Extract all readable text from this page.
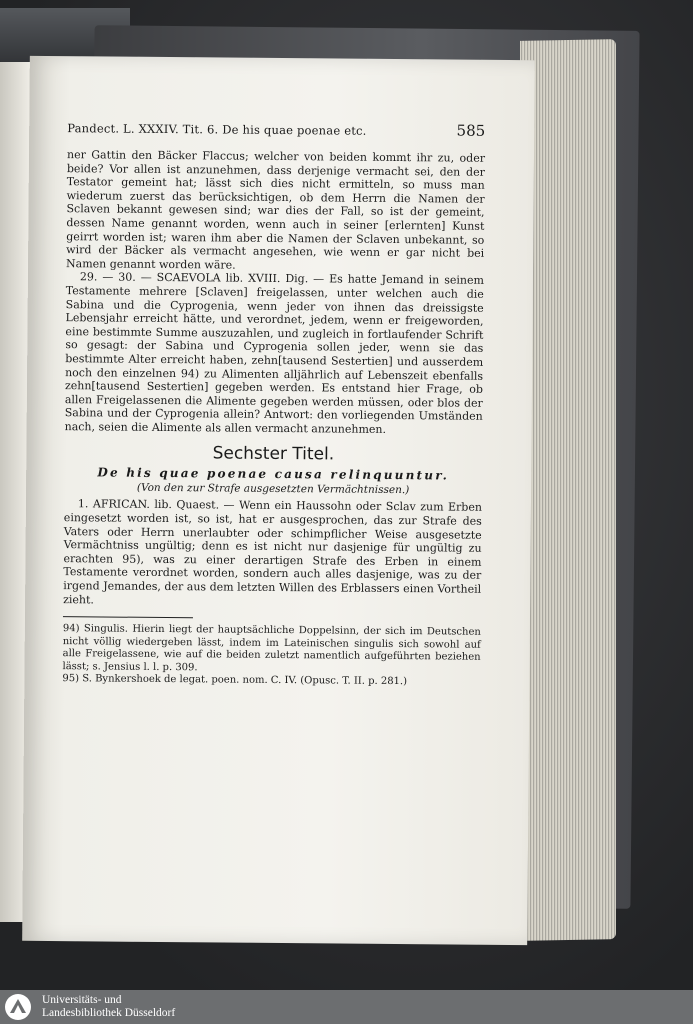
Pandect. L. XXXIV. Tit. 6. De his quae poenae etc.	585

ner Gattin den Bäcker Flaccus; welcher von beiden kommt ihr zu, oder beide? Vor allen ist anzunehmen, dass derjenige vermacht sei, den der Testator gemeint hat; lässt sich dies nicht ermitteln, so muss man wiederum zuerst das berücksichtigen, ob dem Herrn die Namen der Sclaven bekannt gewesen sind; war dies der Fall, so ist der gemeint, dessen Name genannt worden, wenn auch in seiner [erlernten] Kunst geirrt worden ist; waren ihm aber die Namen der Sclaven unbekannt, so wird der Bäcker als vermacht angesehen, wie wenn er gar nicht bei Namen genannt worden wäre.

29. — 30. — SCAEVOLA lib. XVIII. Dig. — Es hatte Jemand in seinem Testamente mehrere [Sclaven] freigelassen, unter welchen auch die Sabina und die Cyprogenia, wenn jeder von ihnen das dreissigste Lebensjahr erreicht hätte, und verordnet, jedem, wenn er freigeworden, eine bestimmte Summe auszuzahlen, und zugleich in fortlaufender Schrift so gesagt: der Sabina und Cyprogenia sollen jeder, wenn sie das bestimmte Alter erreicht haben, zehn[tausend Sestertien] und ausserdem noch den einzelnen 94) zu Alimenten alljährlich auf Lebenszeit ebenfalls zehn[tausend Sestertien] gegeben werden. Es entstand hier Frage, ob allen Freigelassenen die Alimente gegeben werden müssen, oder blos der Sabina und der Cyprogenia allein? Antwort: den vorliegenden Umständen nach, seien die Alimente als allen vermacht anzunehmen.

Sechster Titel.
De his quae poenae causa relinquuntur.
(Von den zur Strafe ausgesetzten Vermächtnissen.)

1. AFRICAN. lib. Quaest. — Wenn ein Haussohn oder Sclav zum Erben eingesetzt worden ist, so ist, hat er ausgesprochen, das zur Strafe des Vaters oder Herrn unerlaubter oder schimpflicher Weise ausgesetzte Vermächtniss ungültig; denn es ist nicht nur dasjenige für ungültig zu erachten 95), was zu einer derartigen Strafe des Erben in einem Testamente verordnet worden, sondern auch alles dasjenige, was zu der irgend Jemandes, der aus dem letzten Willen des Erblassers einen Vortheil zieht.

94) Singulis. Hierin liegt der hauptsächliche Doppelsinn, der sich im Deutschen nicht völlig wiedergeben lässt, indem im Lateinischen singulis sich sowohl auf alle Freigelassene, wie auf die beiden zuletzt namentlich aufgeführten beziehen lässt; s. Jensius l. l. p. 309.

95) S. Bynkershoek de legat. poen. nom. C. IV. (Opusc. T. II. p. 281.)

Universitäts- und
Landesbibliothek Düsseldorf
